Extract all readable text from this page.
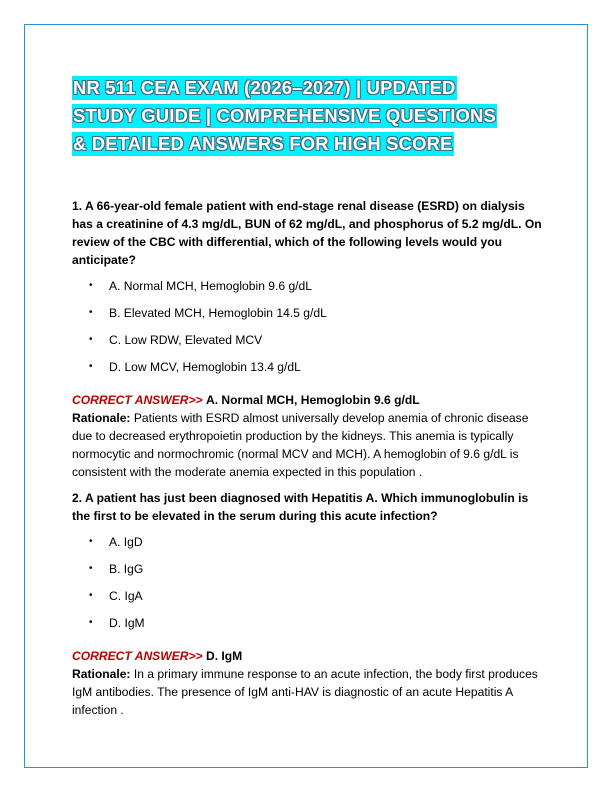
NR 511 CEA EXAM (2026–2027) | UPDATED
STUDY GUIDE | COMPREHENSIVE QUESTIONS
& DETAILED ANSWERS FOR HIGH SCORE

1. A 66-year-old female patient with end-stage renal disease (ESRD) on dialysis has a creatinine of 4.3 mg/dL, BUN of 62 mg/dL, and phosphorus of 5.2 mg/dL. On review of the CBC with differential, which of the following levels would you anticipate?

• A. Normal MCH, Hemoglobin 9.6 g/dL
• B. Elevated MCH, Hemoglobin 14.5 g/dL
• C. Low RDW, Elevated MCV
• D. Low MCV, Hemoglobin 13.4 g/dL

CORRECT ANSWER>> A. Normal MCH, Hemoglobin 9.6 g/dL

Rationale: Patients with ESRD almost universally develop anemia of chronic disease due to decreased erythropoietin production by the kidneys. This anemia is typically normocytic and normochromic (normal MCV and MCH). A hemoglobin of 9.6 g/dL is consistent with the moderate anemia expected in this population .

2. A patient has just been diagnosed with Hepatitis A. Which immunoglobulin is the first to be elevated in the serum during this acute infection?

• A. IgD
• B. IgG
• C. IgA
• D. IgM

CORRECT ANSWER>> D. IgM

Rationale: In a primary immune response to an acute infection, the body first produces IgM antibodies. The presence of IgM anti-HAV is diagnostic of an acute Hepatitis A infection .
